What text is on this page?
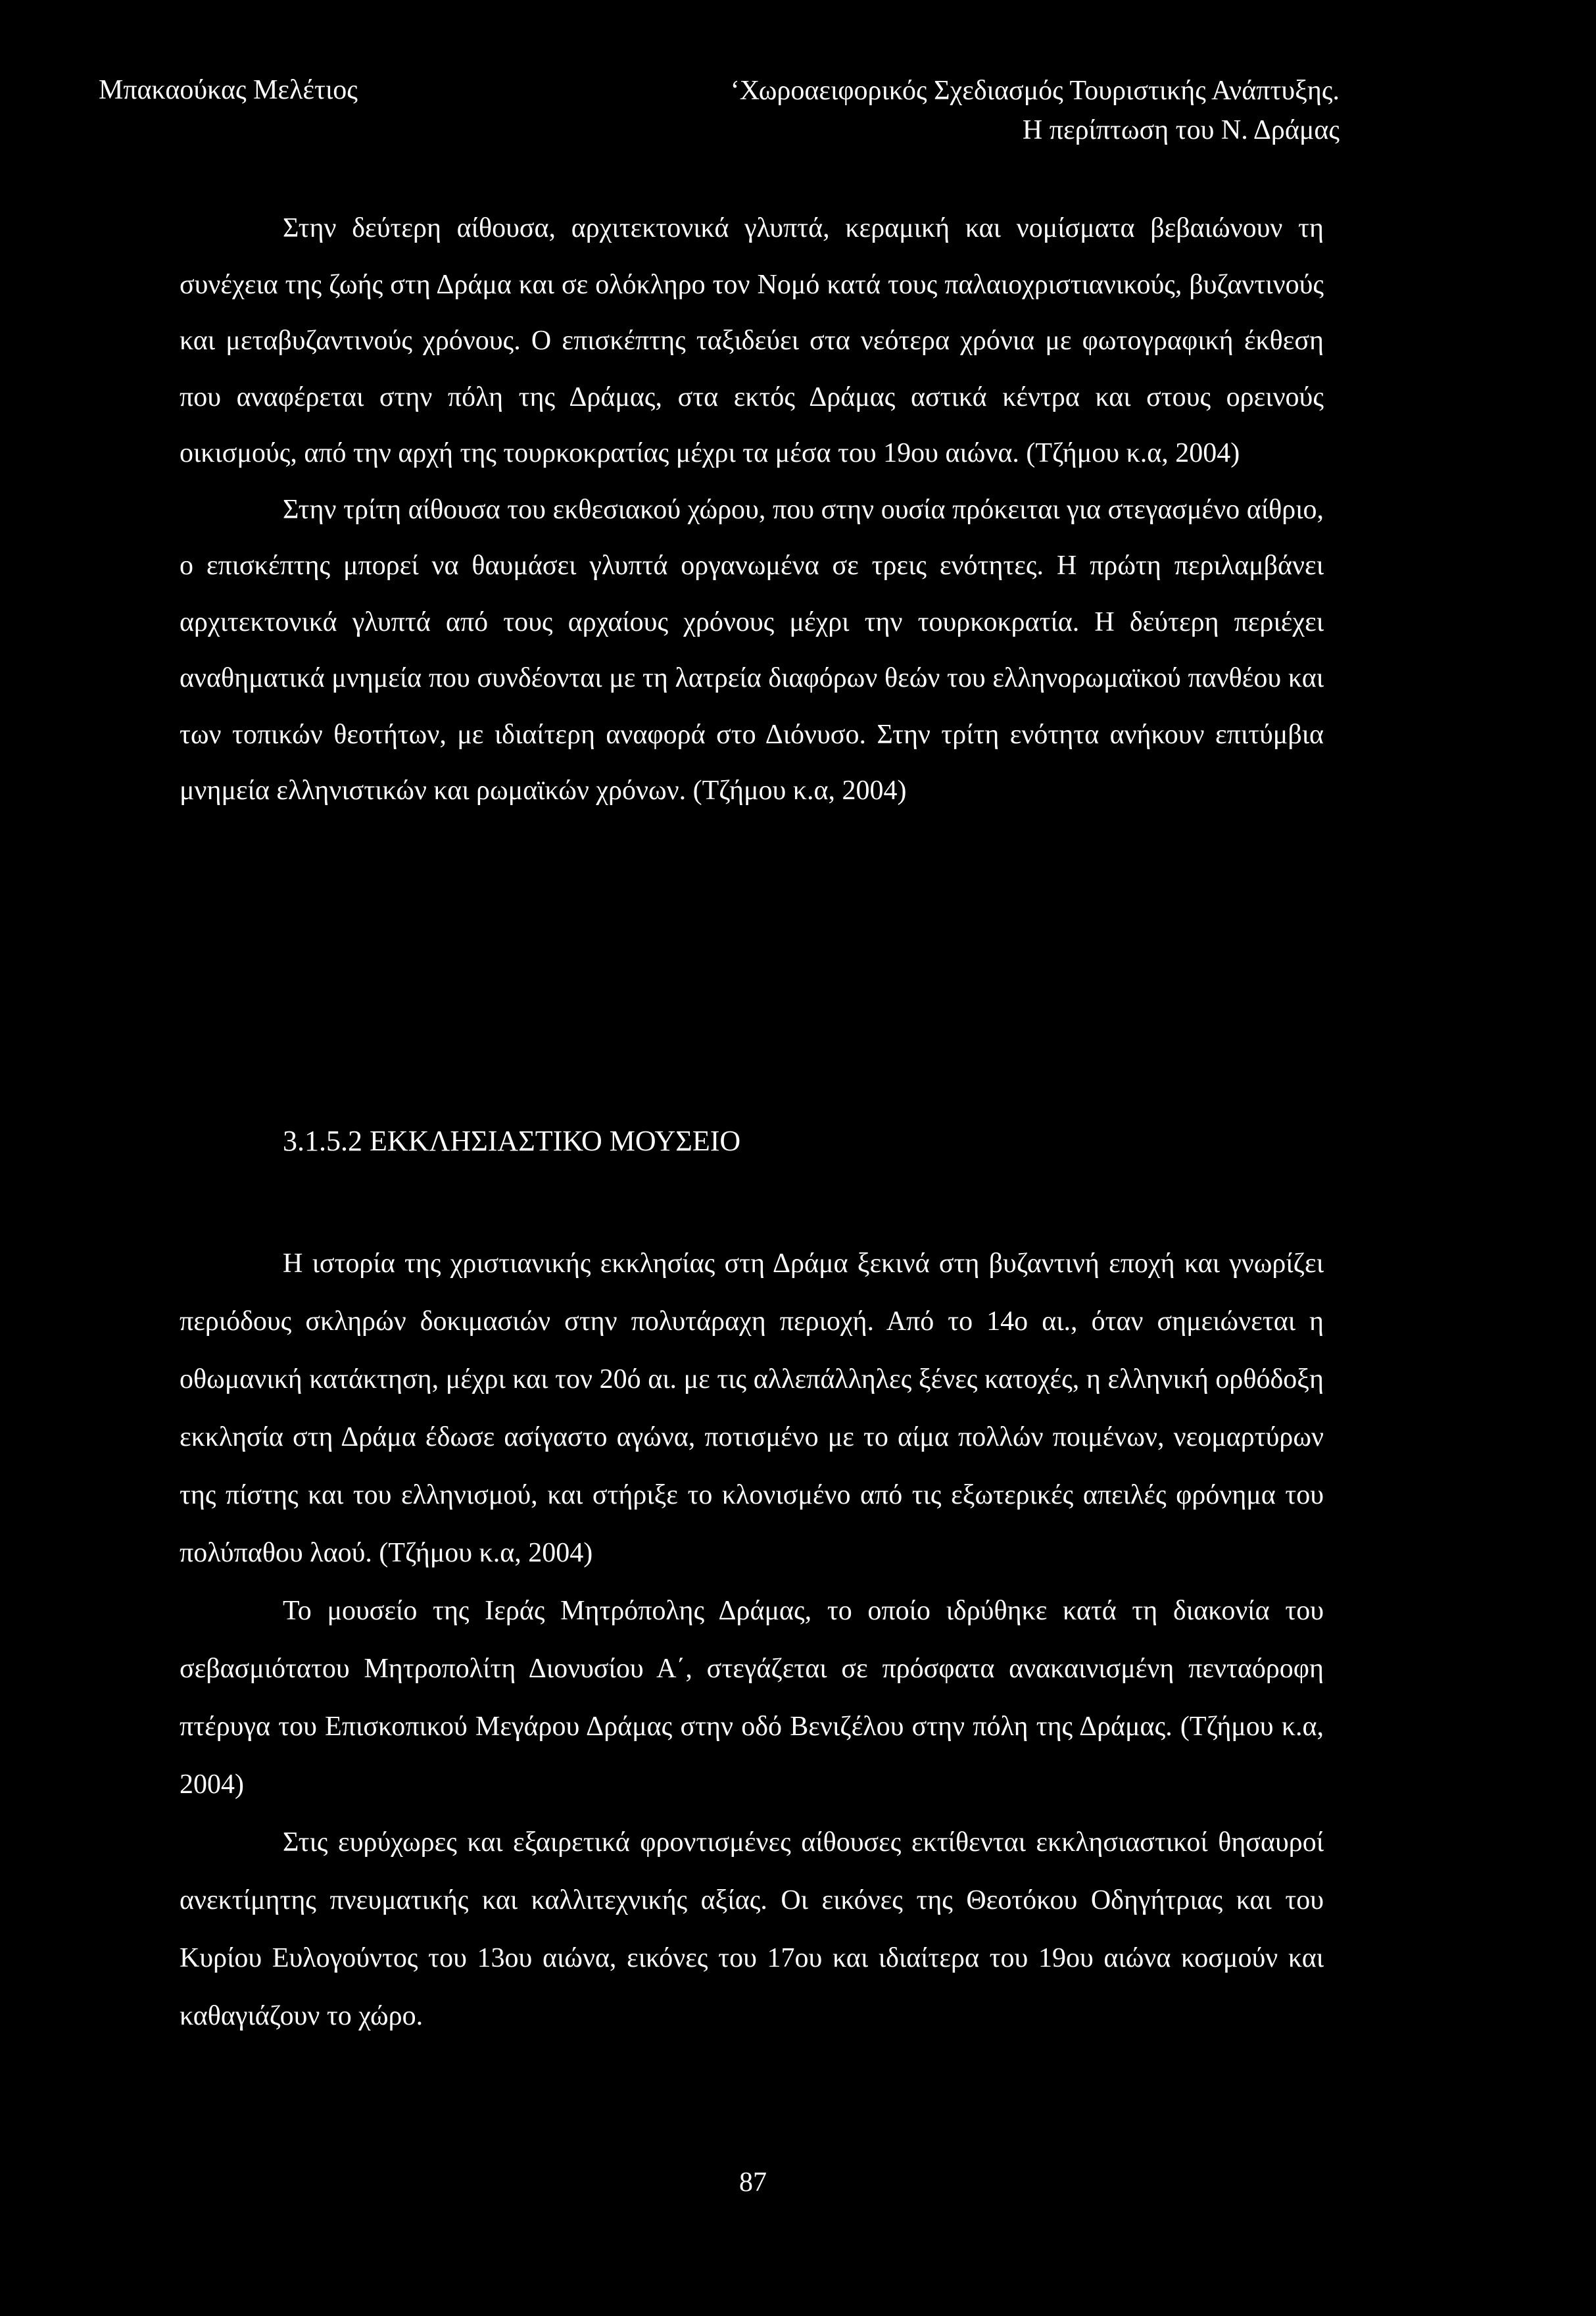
Μπακαούκας Μελέτιος	‘Χωροαειφορικός Σχεδιασμός Τουριστικής Ανάπτυξης.
Η περίπτωση του Ν. Δράμας

Στην δεύτερη αίθουσα, αρχιτεκτονικά γλυπτά, κεραμική και νομίσματα βεβαιώνουν τη συνέχεια της ζωής στη Δράμα και σε ολόκληρο τον Νομό κατά τους παλαιοχριστιανικούς, βυζαντινούς και μεταβυζαντινούς χρόνους. Ο επισκέπτης ταξιδεύει στα νεότερα χρόνια με φωτογραφική έκθεση που αναφέρεται στην πόλη της Δράμας, στα εκτός Δράμας αστικά κέντρα και στους ορεινούς οικισμούς, από την αρχή της τουρκοκρατίας μέχρι τα μέσα του 19ου αιώνα. (Τζήμου κ.α, 2004)

Στην τρίτη αίθουσα του εκθεσιακού χώρου, που στην ουσία πρόκειται για στεγασμένο αίθριο, ο επισκέπτης μπορεί να θαυμάσει γλυπτά οργανωμένα σε τρεις ενότητες. Η πρώτη περιλαμβάνει αρχιτεκτονικά γλυπτά από τους αρχαίους χρόνους μέχρι την τουρκοκρατία. Η δεύτερη περιέχει αναθηματικά μνημεία που συνδέονται με τη λατρεία διαφόρων θεών του ελληνορωμαϊκού πανθέου και των τοπικών θεοτήτων, με ιδιαίτερη αναφορά στο Διόνυσο. Στην τρίτη ενότητα ανήκουν επιτύμβια μνημεία ελληνιστικών και ρωμαϊκών χρόνων. (Τζήμου κ.α, 2004)

3.1.5.2 ΕΚΚΛΗΣΙΑΣΤΙΚΟ ΜΟΥΣΕΙΟ

Η ιστορία της χριστιανικής εκκλησίας στη Δράμα ξεκινά στη βυζαντινή εποχή και γνωρίζει περιόδους σκληρών δοκιμασιών στην πολυτάραχη περιοχή. Από το 14ο αι., όταν σημειώνεται η οθωμανική κατάκτηση, μέχρι και τον 20ό αι. με τις αλλεπάλληλες ξένες κατοχές, η ελληνική ορθόδοξη εκκλησία στη Δράμα έδωσε ασίγαστο αγώνα, ποτισμένο με το αίμα πολλών ποιμένων, νεομαρτύρων της πίστης και του ελληνισμού, και στήριξε το κλονισμένο από τις εξωτερικές απειλές φρόνημα του πολύπαθου λαού. (Τζήμου κ.α, 2004)

Το μουσείο της Ιεράς Μητρόπολης Δράμας, το οποίο ιδρύθηκε κατά τη διακονία του σεβασμιότατου Μητροπολίτη Διονυσίου Α΄, στεγάζεται σε πρόσφατα ανακαινισμένη πενταόροφη πτέρυγα του Επισκοπικού Μεγάρου Δράμας στην οδό Βενιζέλου στην πόλη της Δράμας. (Τζήμου κ.α, 2004)

Στις ευρύχωρες και εξαιρετικά φροντισμένες αίθουσες εκτίθενται εκκλησιαστικοί θησαυροί ανεκτίμητης πνευματικής και καλλιτεχνικής αξίας. Οι εικόνες της Θεοτόκου Οδηγήτριας και του Κυρίου Ευλογούντος του 13ου αιώνα, εικόνες του 17ου και ιδιαίτερα του 19ου αιώνα κοσμούν και καθαγιάζουν το χώρο.

87
